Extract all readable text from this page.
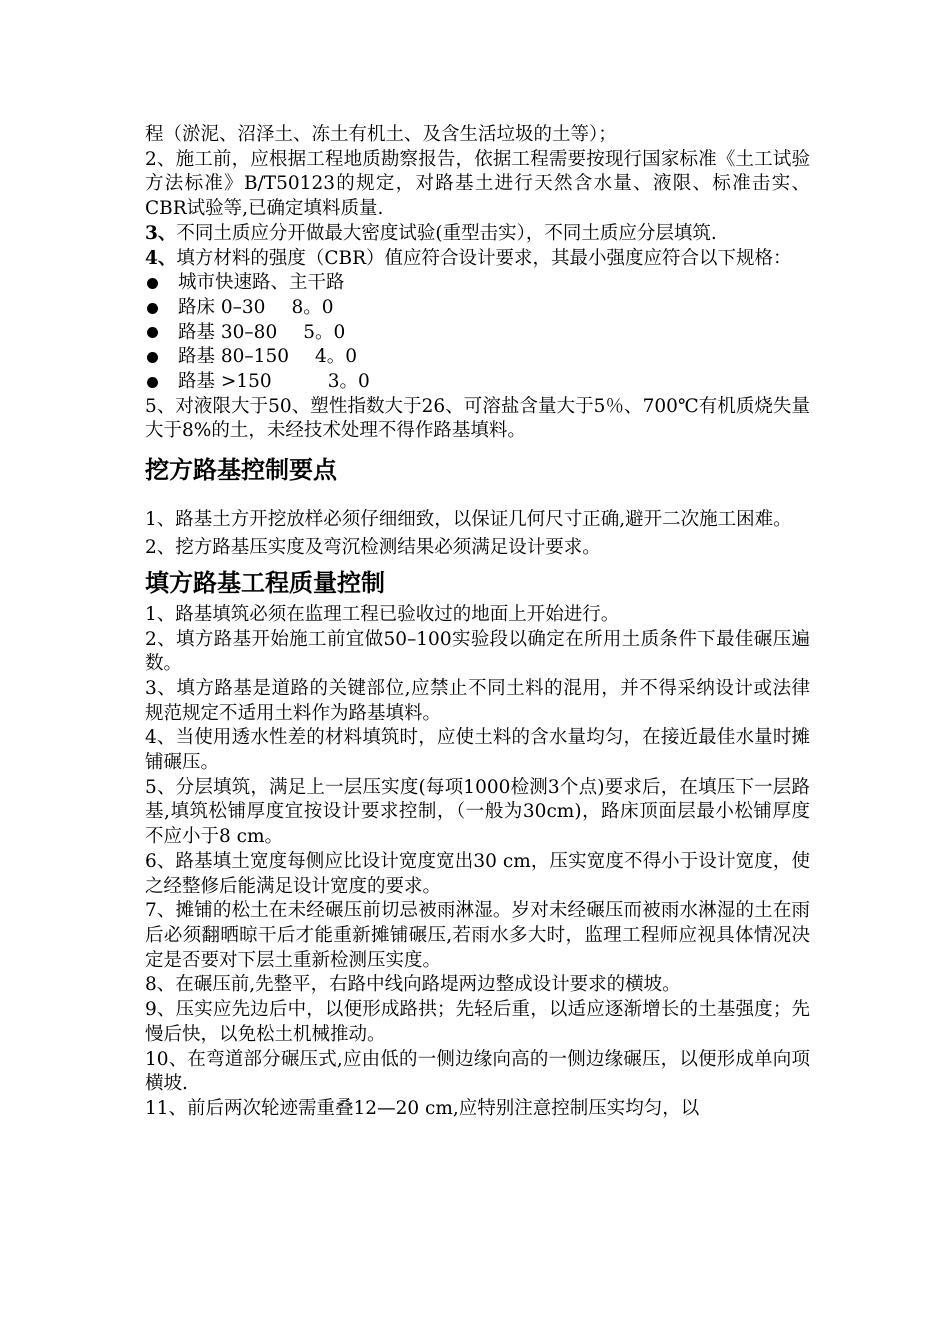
程（淤泥、沼泽土、冻土有机土、及含生活垃圾的土等）；

2、施工前，应根据工程地质勘察报告，依据工程需要按现行国家标准《土工试验方法标准》B/T50123的规定，对路基土进行天然含水量、液限、标准击实、CBR试验等,已确定填料质量.

3、不同土质应分开做最大密度试验(重型击实），不同土质应分层填筑.

4、填方材料的强度（CBR）值应符合设计要求，其最小强度应符合以下规格：

城市快速路、主干路
路床 0–30 8。0
路基 30–80 5。0
路基 80–150 4。0
路基 >150	3。0

5、对液限大于50、塑性指数大于26、可溶盐含量大于5％、700℃有机质烧失量大于8%的土，未经技术处理不得作路基填料。

挖方路基控制要点

1、路基土方开挖放样必须仔细细致，以保证几何尺寸正确,避开二次施工困难。

2、挖方路基压实度及弯沉检测结果必须满足设计要求。

填方路基工程质量控制

1、路基填筑必须在监理工程已验收过的地面上开始进行。

2、填方路基开始施工前宜做50–100实验段以确定在所用土质条件下最佳碾压遍数。

3、填方路基是道路的关键部位,应禁止不同土料的混用，并不得采纳设计或法律规范规定不适用土料作为路基填料。

4、当使用透水性差的材料填筑时，应使土料的含水量均匀，在接近最佳水量时摊铺碾压。

5、分层填筑，满足上一层压实度(每项1000检测3个点)要求后，在填压下一层路基,填筑松铺厚度宜按设计要求控制，（一般为30cm)，路床顶面层最小松铺厚度不应小于8 cm。

6、路基填土宽度每侧应比设计宽度宽出30 cm，压实宽度不得小于设计宽度，使之经整修后能满足设计宽度的要求。

7、摊铺的松土在未经碾压前切忌被雨淋湿。岁对未经碾压而被雨水淋湿的土在雨后必须翻晒晾干后才能重新摊铺碾压,若雨水多大时，监理工程师应视具体情况决定是否要对下层土重新检测压实度。

8、在碾压前,先整平，右路中线向路堤两边整成设计要求的横坡。

9、压实应先边后中，以便形成路拱；先轻后重，以适应逐渐增长的土基强度；先慢后快，以免松土机械推动。

10、在弯道部分碾压式,应由低的一侧边缘向高的一侧边缘碾压，以便形成单向项横坡.

11、前后两次轮迹需重叠12—20 cm,应特别注意控制压实均匀，以
